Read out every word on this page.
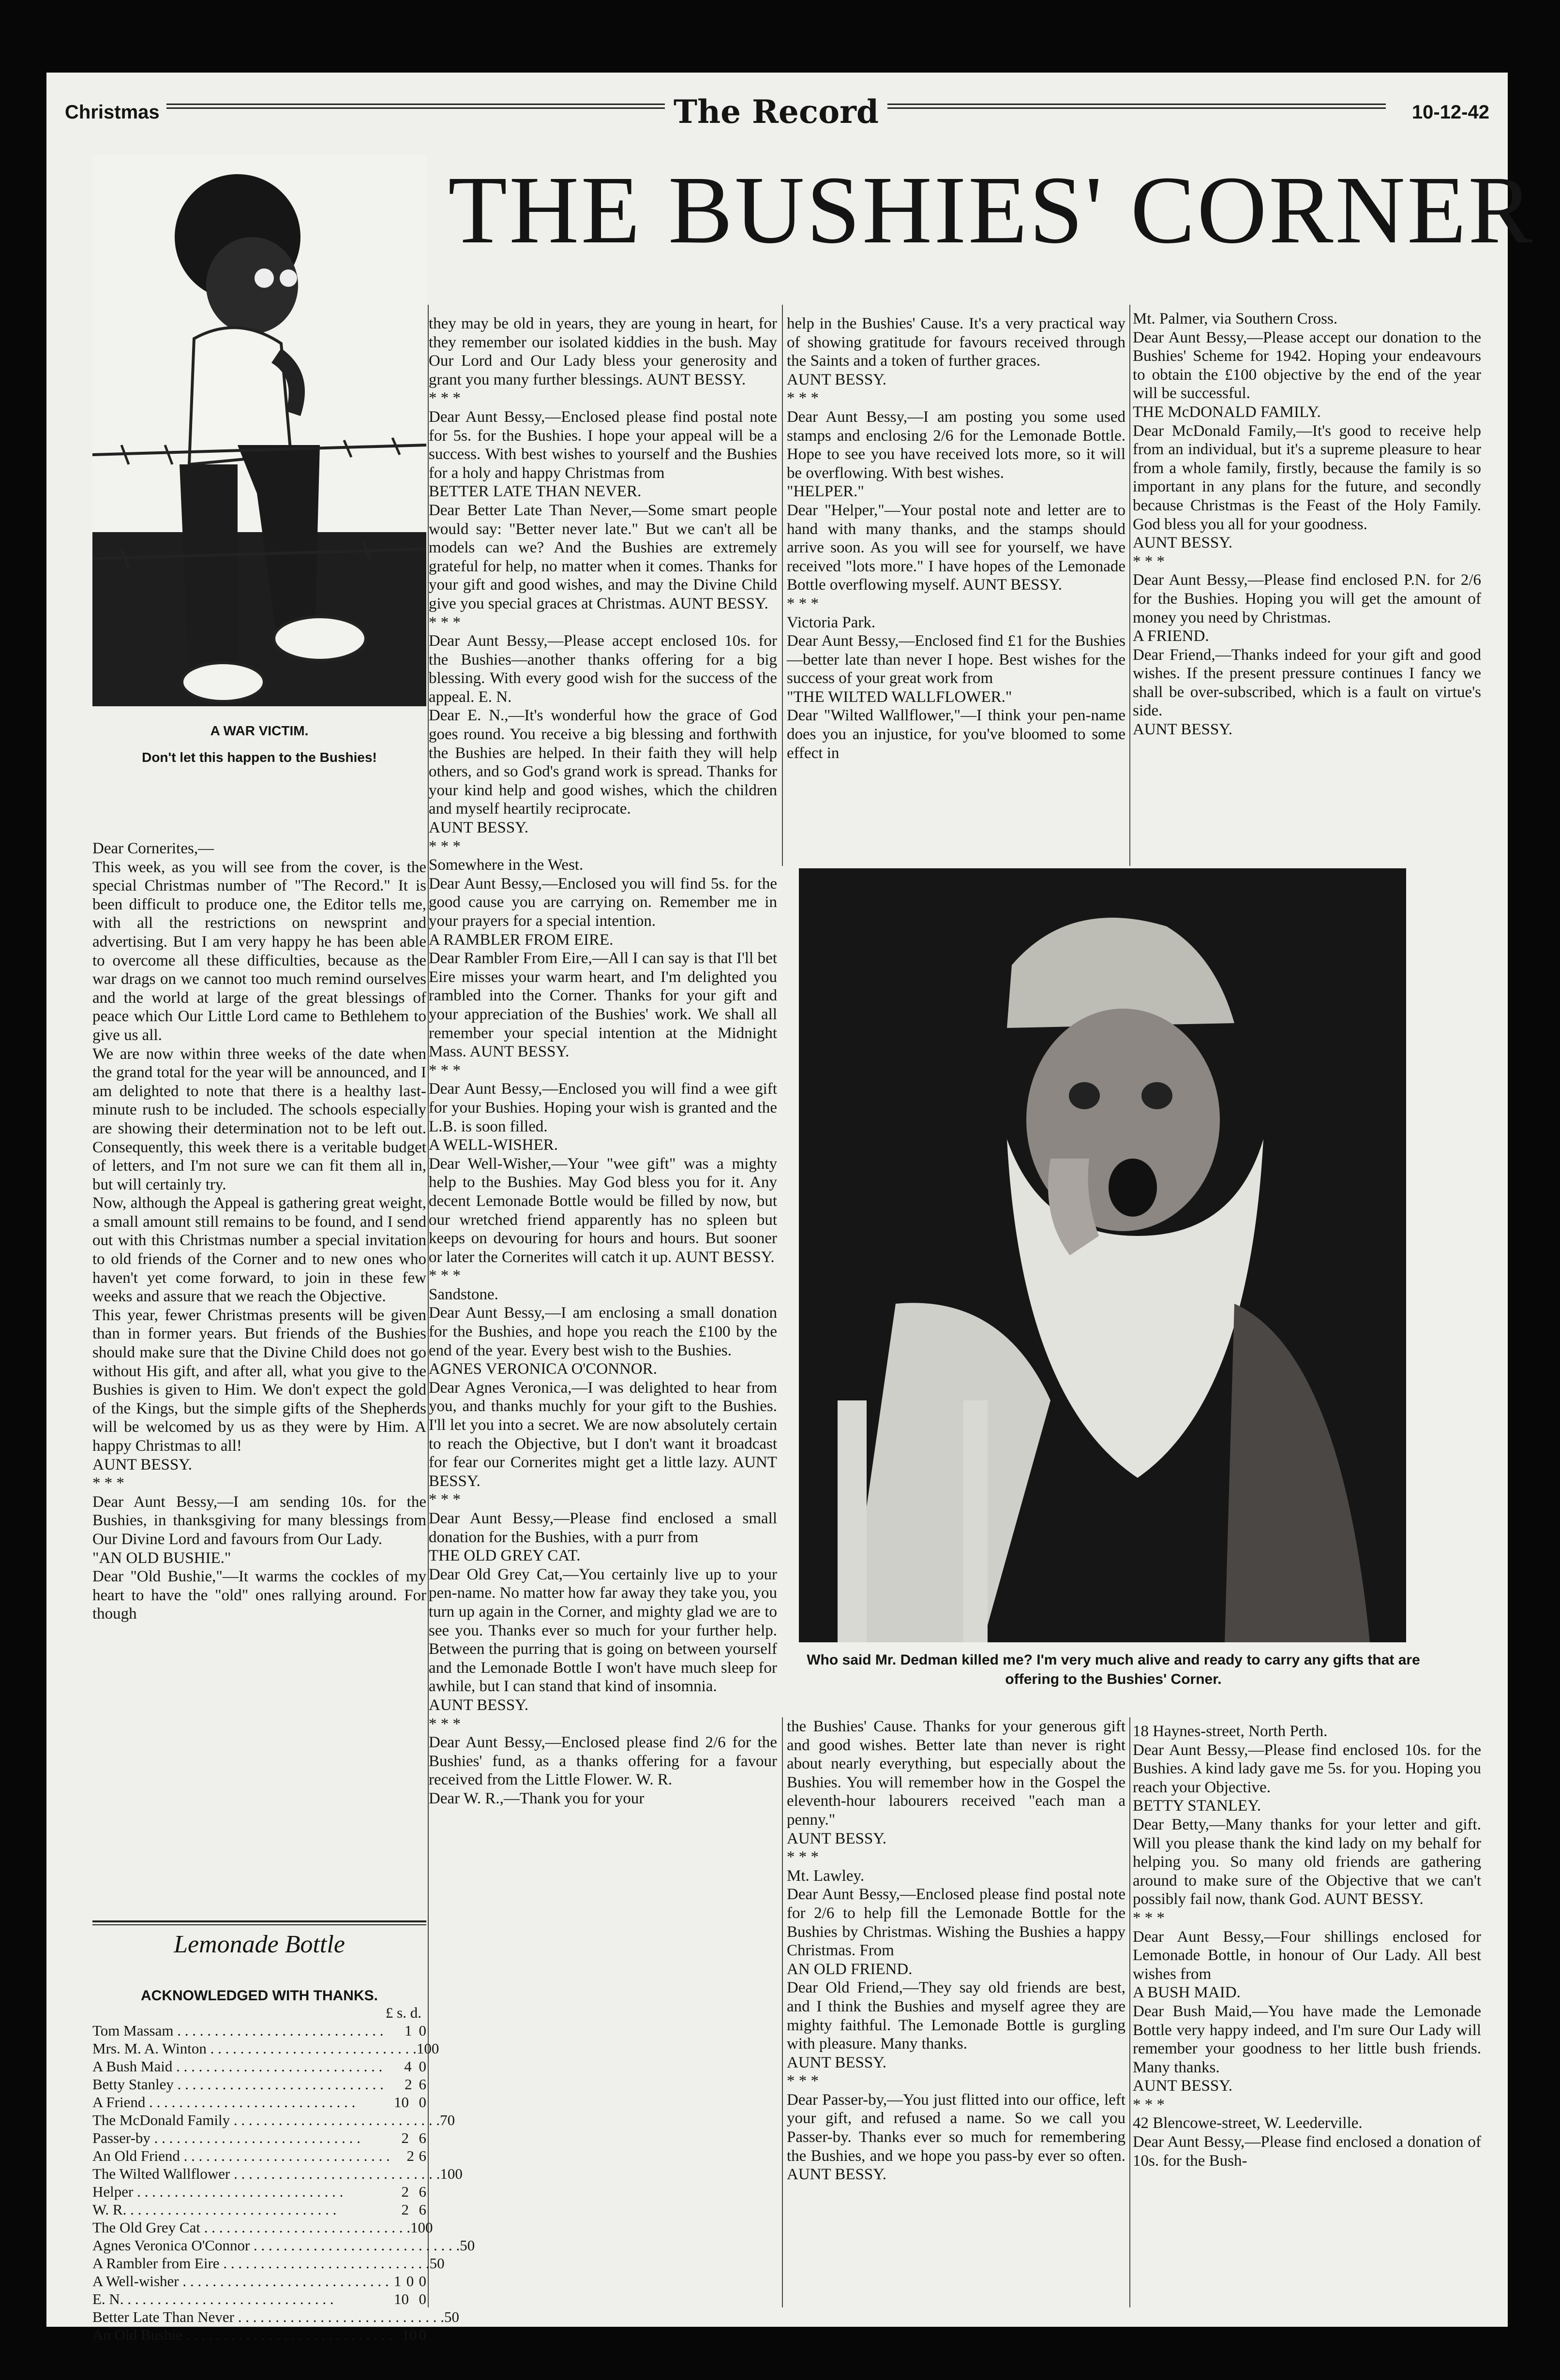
Christmas	The Record	10-12-42
THE BUSHIES' CORNER
A WAR VICTIM.
Don't let this happen to the Bushies!
Dear Cornerites,—
This week, as you will see from the cover, is the special Christmas number of "The Record." It is been difficult to produce one, the Editor tells me, with all the restrictions on newsprint and advertising. But I am very happy he has been able to overcome all these difficulties, because as the war drags on we cannot too much remind ourselves and the world at large of the great blessings of peace which Our Little Lord came to Bethlehem to give us all.
We are now within three weeks of the date when the grand total for the year will be announced, and I am delighted to note that there is a healthy last-minute rush to be included. The schools especially are showing their determination not to be left out. Consequently, this week there is a veritable budget of letters, and I'm not sure we can fit them all in, but will certainly try.
Now, although the Appeal is gathering great weight, a small amount still remains to be found, and I send out with this Christmas number a special invitation to old friends of the Corner and to new ones who haven't yet come forward, to join in these few weeks and assure that we reach the Objective.
This year, fewer Christmas presents will be given than in former years. But friends of the Bushies should make sure that the Divine Child does not go without His gift, and after all, what you give to the Bushies is given to Him. We don't expect the gold of the Kings, but the simple gifts of the Shepherds will be welcomed by us as they were by Him. A happy Christmas to all!
AUNT BESSY.
* * *
Dear Aunt Bessy,—I am sending 10s. for the Bushies, in thanksgiving for many blessings from Our Divine Lord and favours from Our Lady.
"AN OLD BUSHIE."
Dear "Old Bushie,"—It warms the cockles of my heart to have the "old" ones rallying around. For though
they may be old in years, they are young in heart, for they remember our isolated kiddies in the bush. May Our Lord and Our Lady bless your generosity and grant you many further blessings. AUNT BESSY.
* * *
Dear Aunt Bessy,—Enclosed please find postal note for 5s. for the Bushies. I hope your appeal will be a success. With best wishes to yourself and the Bushies for a holy and happy Christmas from
BETTER LATE THAN NEVER.
Dear Better Late Than Never,—Some smart people would say: "Better never late." But we can't all be models can we? And the Bushies are extremely grateful for help, no matter when it comes. Thanks for your gift and good wishes, and may the Divine Child give you special graces at Christmas. AUNT BESSY.
* * *
Dear Aunt Bessy,—Please accept enclosed 10s. for the Bushies—another thanks offering for a big blessing. With every good wish for the success of the appeal. E. N.
Dear E. N.,—It's wonderful how the grace of God goes round. You receive a big blessing and forthwith the Bushies are helped. In their faith they will help others, and so God's grand work is spread. Thanks for your kind help and good wishes, which the children and myself heartily reciprocate.
AUNT BESSY.
* * *
Somewhere in the West.
Dear Aunt Bessy,—Enclosed you will find 5s. for the good cause you are carrying on. Remember me in your prayers for a special intention.
A RAMBLER FROM EIRE.
Dear Rambler From Eire,—All I can say is that I'll bet Eire misses your warm heart, and I'm delighted you rambled into the Corner. Thanks for your gift and your appreciation of the Bushies' work. We shall all remember your special intention at the Midnight Mass. AUNT BESSY.
* * *
Dear Aunt Bessy,—Enclosed you will find a wee gift for your Bushies. Hoping your wish is granted and the L.B. is soon filled.
A WELL-WISHER.
Dear Well-Wisher,—Your "wee gift" was a mighty help to the Bushies. May God bless you for it. Any decent Lemonade Bottle would be filled by now, but our wretched friend apparently has no spleen but keeps on devouring for hours and hours. But sooner or later the Cornerites will catch it up. AUNT BESSY.
* * *
Sandstone.
Dear Aunt Bessy,—I am enclosing a small donation for the Bushies, and hope you reach the £100 by the end of the year. Every best wish to the Bushies.
AGNES VERONICA O'CONNOR.
Dear Agnes Veronica,—I was delighted to hear from you, and thanks muchly for your gift to the Bushies. I'll let you into a secret. We are now absolutely certain to reach the Objective, but I don't want it broadcast for fear our Cornerites might get a little lazy. AUNT BESSY.
* * *
Dear Aunt Bessy,—Please find enclosed a small donation for the Bushies, with a purr from
THE OLD GREY CAT.
Dear Old Grey Cat,—You certainly live up to your pen-name. No matter how far away they take you, you turn up again in the Corner, and mighty glad we are to see you. Thanks ever so much for your further help. Between the purring that is going on between yourself and the Lemonade Bottle I won't have much sleep for awhile, but I can stand that kind of insomnia.
AUNT BESSY.
* * *
Dear Aunt Bessy,—Enclosed please find 2/6 for the Bushies' fund, as a thanks offering for a favour received from the Little Flower. W. R.
Dear W. R.,—Thank you for your
help in the Bushies' Cause. It's a very practical way of showing gratitude for favours received through the Saints and a token of further graces.
AUNT BESSY.
* * *
Dear Aunt Bessy,—I am posting you some used stamps and enclosing 2/6 for the Lemonade Bottle. Hope to see you have received lots more, so it will be overflowing. With best wishes.
"HELPER."
Dear "Helper,"—Your postal note and letter are to hand with many thanks, and the stamps should arrive soon. As you will see for yourself, we have received "lots more." I have hopes of the Lemonade Bottle overflowing myself. AUNT BESSY.
* * *
Victoria Park.
Dear Aunt Bessy,—Enclosed find £1 for the Bushies—better late than never I hope. Best wishes for the success of your great work from
"THE WILTED WALLFLOWER."
Dear "Wilted Wallflower,"—I think your pen-name does you an injustice, for you've bloomed to some effect in
Mt. Palmer, via Southern Cross.
Dear Aunt Bessy,—Please accept our donation to the Bushies' Scheme for 1942. Hoping your endeavours to obtain the £100 objective by the end of the year will be successful.
THE McDONALD FAMILY.
Dear McDonald Family,—It's good to receive help from an individual, but it's a supreme pleasure to hear from a whole family, firstly, because the family is so important in any plans for the future, and secondly because Christmas is the Feast of the Holy Family. God bless you all for your goodness.
AUNT BESSY.
* * *
Dear Aunt Bessy,—Please find enclosed P.N. for 2/6 for the Bushies. Hoping you will get the amount of money you need by Christmas.
A FRIEND.
Dear Friend,—Thanks indeed for your gift and good wishes. If the present pressure continues I fancy we shall be over-subscribed, which is a fault on virtue's side.
AUNT BESSY.
the Bushies' Cause. Thanks for your generous gift and good wishes. Better late than never is right about nearly everything, but especially about the Bushies. You will remember how in the Gospel the eleventh-hour labourers received "each man a penny."
AUNT BESSY.
* * *
Mt. Lawley.
Dear Aunt Bessy,—Enclosed please find postal note for 2/6 to help fill the Lemonade Bottle for the Bushies by Christmas. Wishing the Bushies a happy Christmas. From
AN OLD FRIEND.
Dear Old Friend,—They say old friends are best, and I think the Bushies and myself agree they are mighty faithful. The Lemonade Bottle is gurgling with pleasure. Many thanks.
AUNT BESSY.
* * *
Dear Passer-by,—You just flitted into our office, left your gift, and refused a name. So we call you Passer-by. Thanks ever so much for remembering the Bushies, and we hope you pass-by ever so often. AUNT BESSY.
18 Haynes-street, North Perth.
Dear Aunt Bessy,—Please find enclosed 10s. for the Bushies. A kind lady gave me 5s. for you. Hoping you reach your Objective.
BETTY STANLEY.
Dear Betty,—Many thanks for your letter and gift. Will you please thank the kind lady on my behalf for helping you. So many old friends are gathering around to make sure of the Objective that we can't possibly fail now, thank God. AUNT BESSY.
* * *
Dear Aunt Bessy,—Four shillings enclosed for Lemonade Bottle, in honour of Our Lady. All best wishes from
A BUSH MAID.
Dear Bush Maid,—You have made the Lemonade Bottle very happy indeed, and I'm sure Our Lady will remember your goodness to her little bush friends. Many thanks.
AUNT BESSY.
* * *
42 Blencowe-street, W. Leederville.
Dear Aunt Bessy,—Please find enclosed a donation of 10s. for the Bush-
Who said Mr. Dedman killed me? I'm very much alive and ready to carry any gifts that are offering to the Bushies' Corner.
Lemonade Bottle
ACKNOWLEDGED WITH THANKS.
£ s. d.
Tom Massam . . .	1 0
Mrs. M. A. Winton . . .	10 0
A Bush Maid . . .	4 0
Betty Stanley . . .	2 6
A Friend . . .	10 0
The McDonald Family . . .	7 0
Passer-by . . .	2 6
An Old Friend . . .	2 6
The Wilted Wallflower . . .	1 0 0
Helper . . .	2 6
W. R. . . .	2 6
The Old Grey Cat . . .	10 0
Agnes Veronica O'Connor . . .	5 0
A Rambler from Eire . . .	5 0
A Well-wisher . . .	1 0 0
E. N. . . .	10 0
Better Late Than Never . . .	5 0
An Old Bushie . . .	10 0
